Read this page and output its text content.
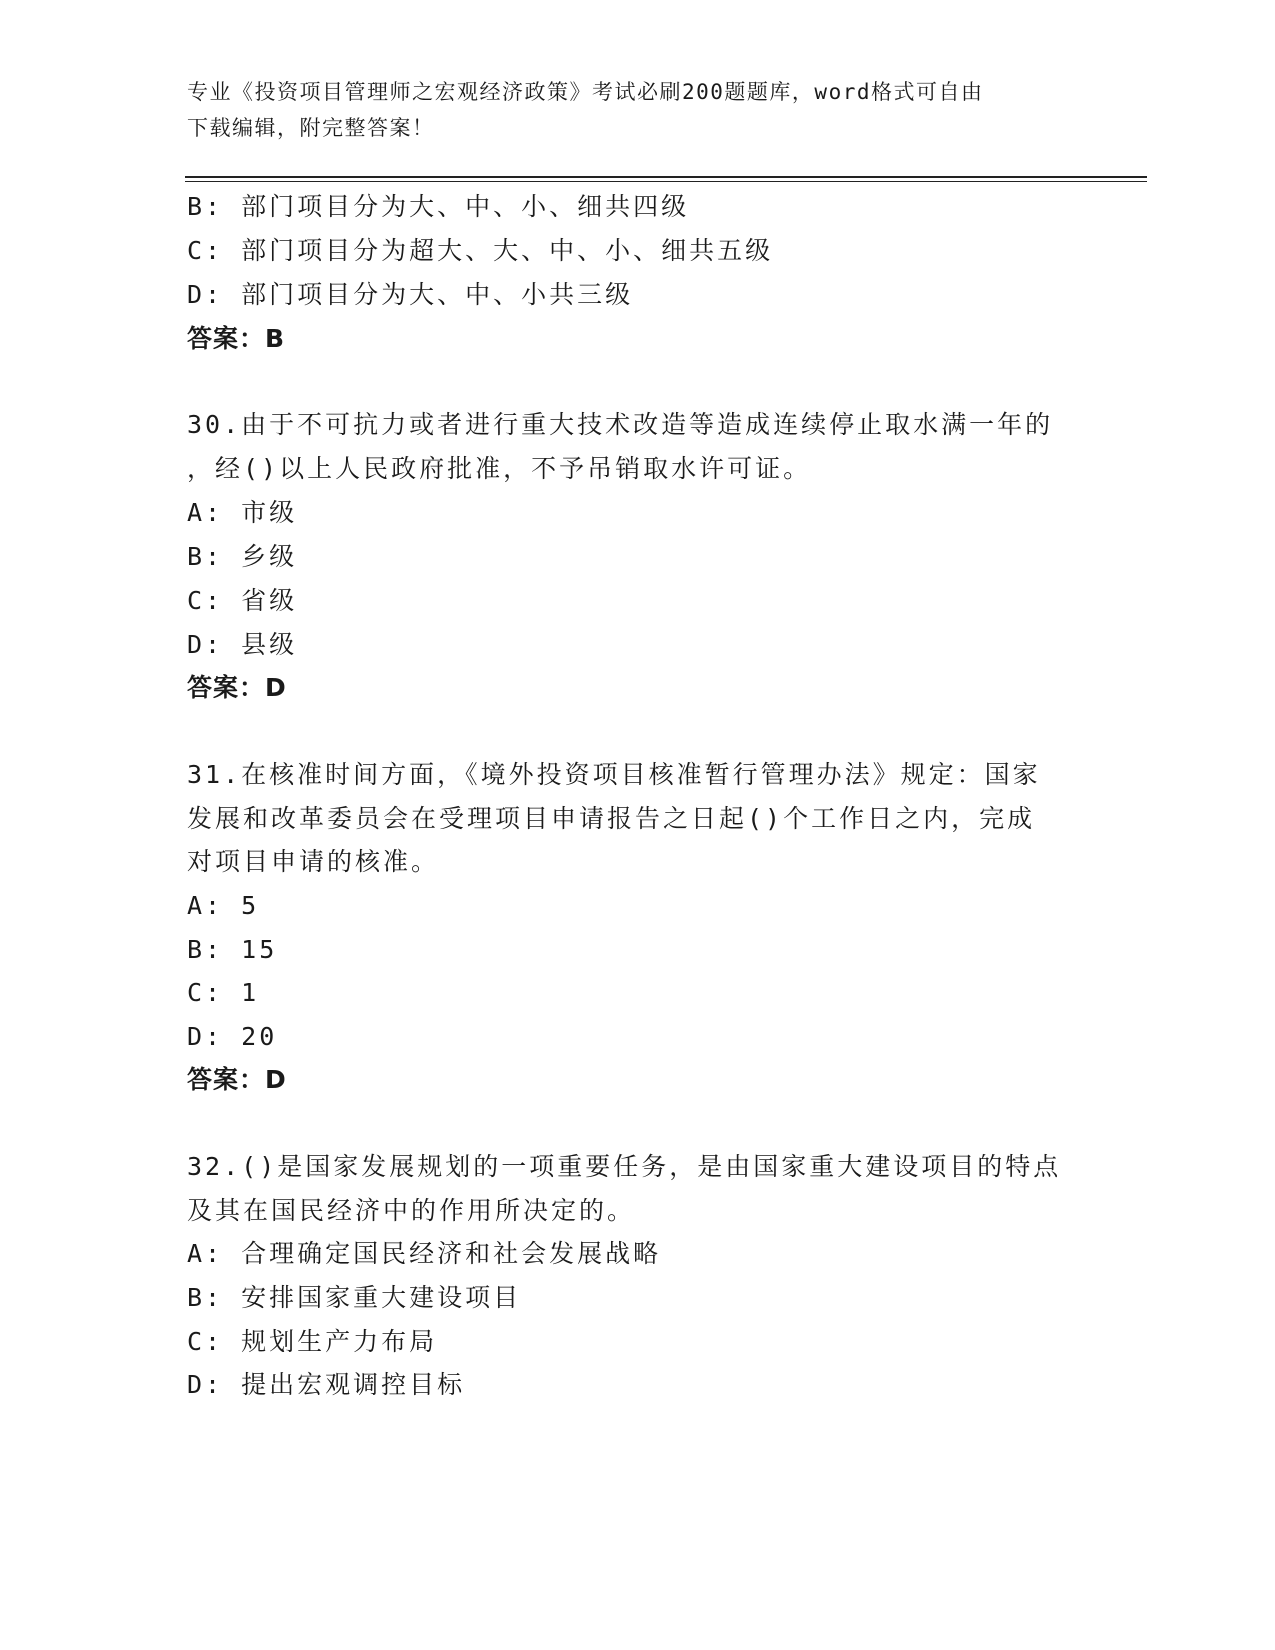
专业《投资项目管理师之宏观经济政策》考试必刷200题题库，word格式可自由
下载编辑，附完整答案！
B: 部门项目分为大、中、小、细共四级
C: 部门项目分为超大、大、中、小、细共五级
D: 部门项目分为大、中、小共三级
答案：B
30.由于不可抗力或者进行重大技术改造等造成连续停止取水满一年的
，经()以上人民政府批准，不予吊销取水许可证。
A: 市级
B: 乡级
C: 省级
D: 县级
答案：D
31.在核准时间方面，《境外投资项目核准暂行管理办法》规定：国家
发展和改革委员会在受理项目申请报告之日起()个工作日之内，完成
对项目申请的核准。
A: 5
B: 15
C: 1
D: 20
答案：D
32.()是国家发展规划的一项重要任务，是由国家重大建设项目的特点
及其在国民经济中的作用所决定的。
A: 合理确定国民经济和社会发展战略
B: 安排国家重大建设项目
C: 规划生产力布局
D: 提出宏观调控目标
